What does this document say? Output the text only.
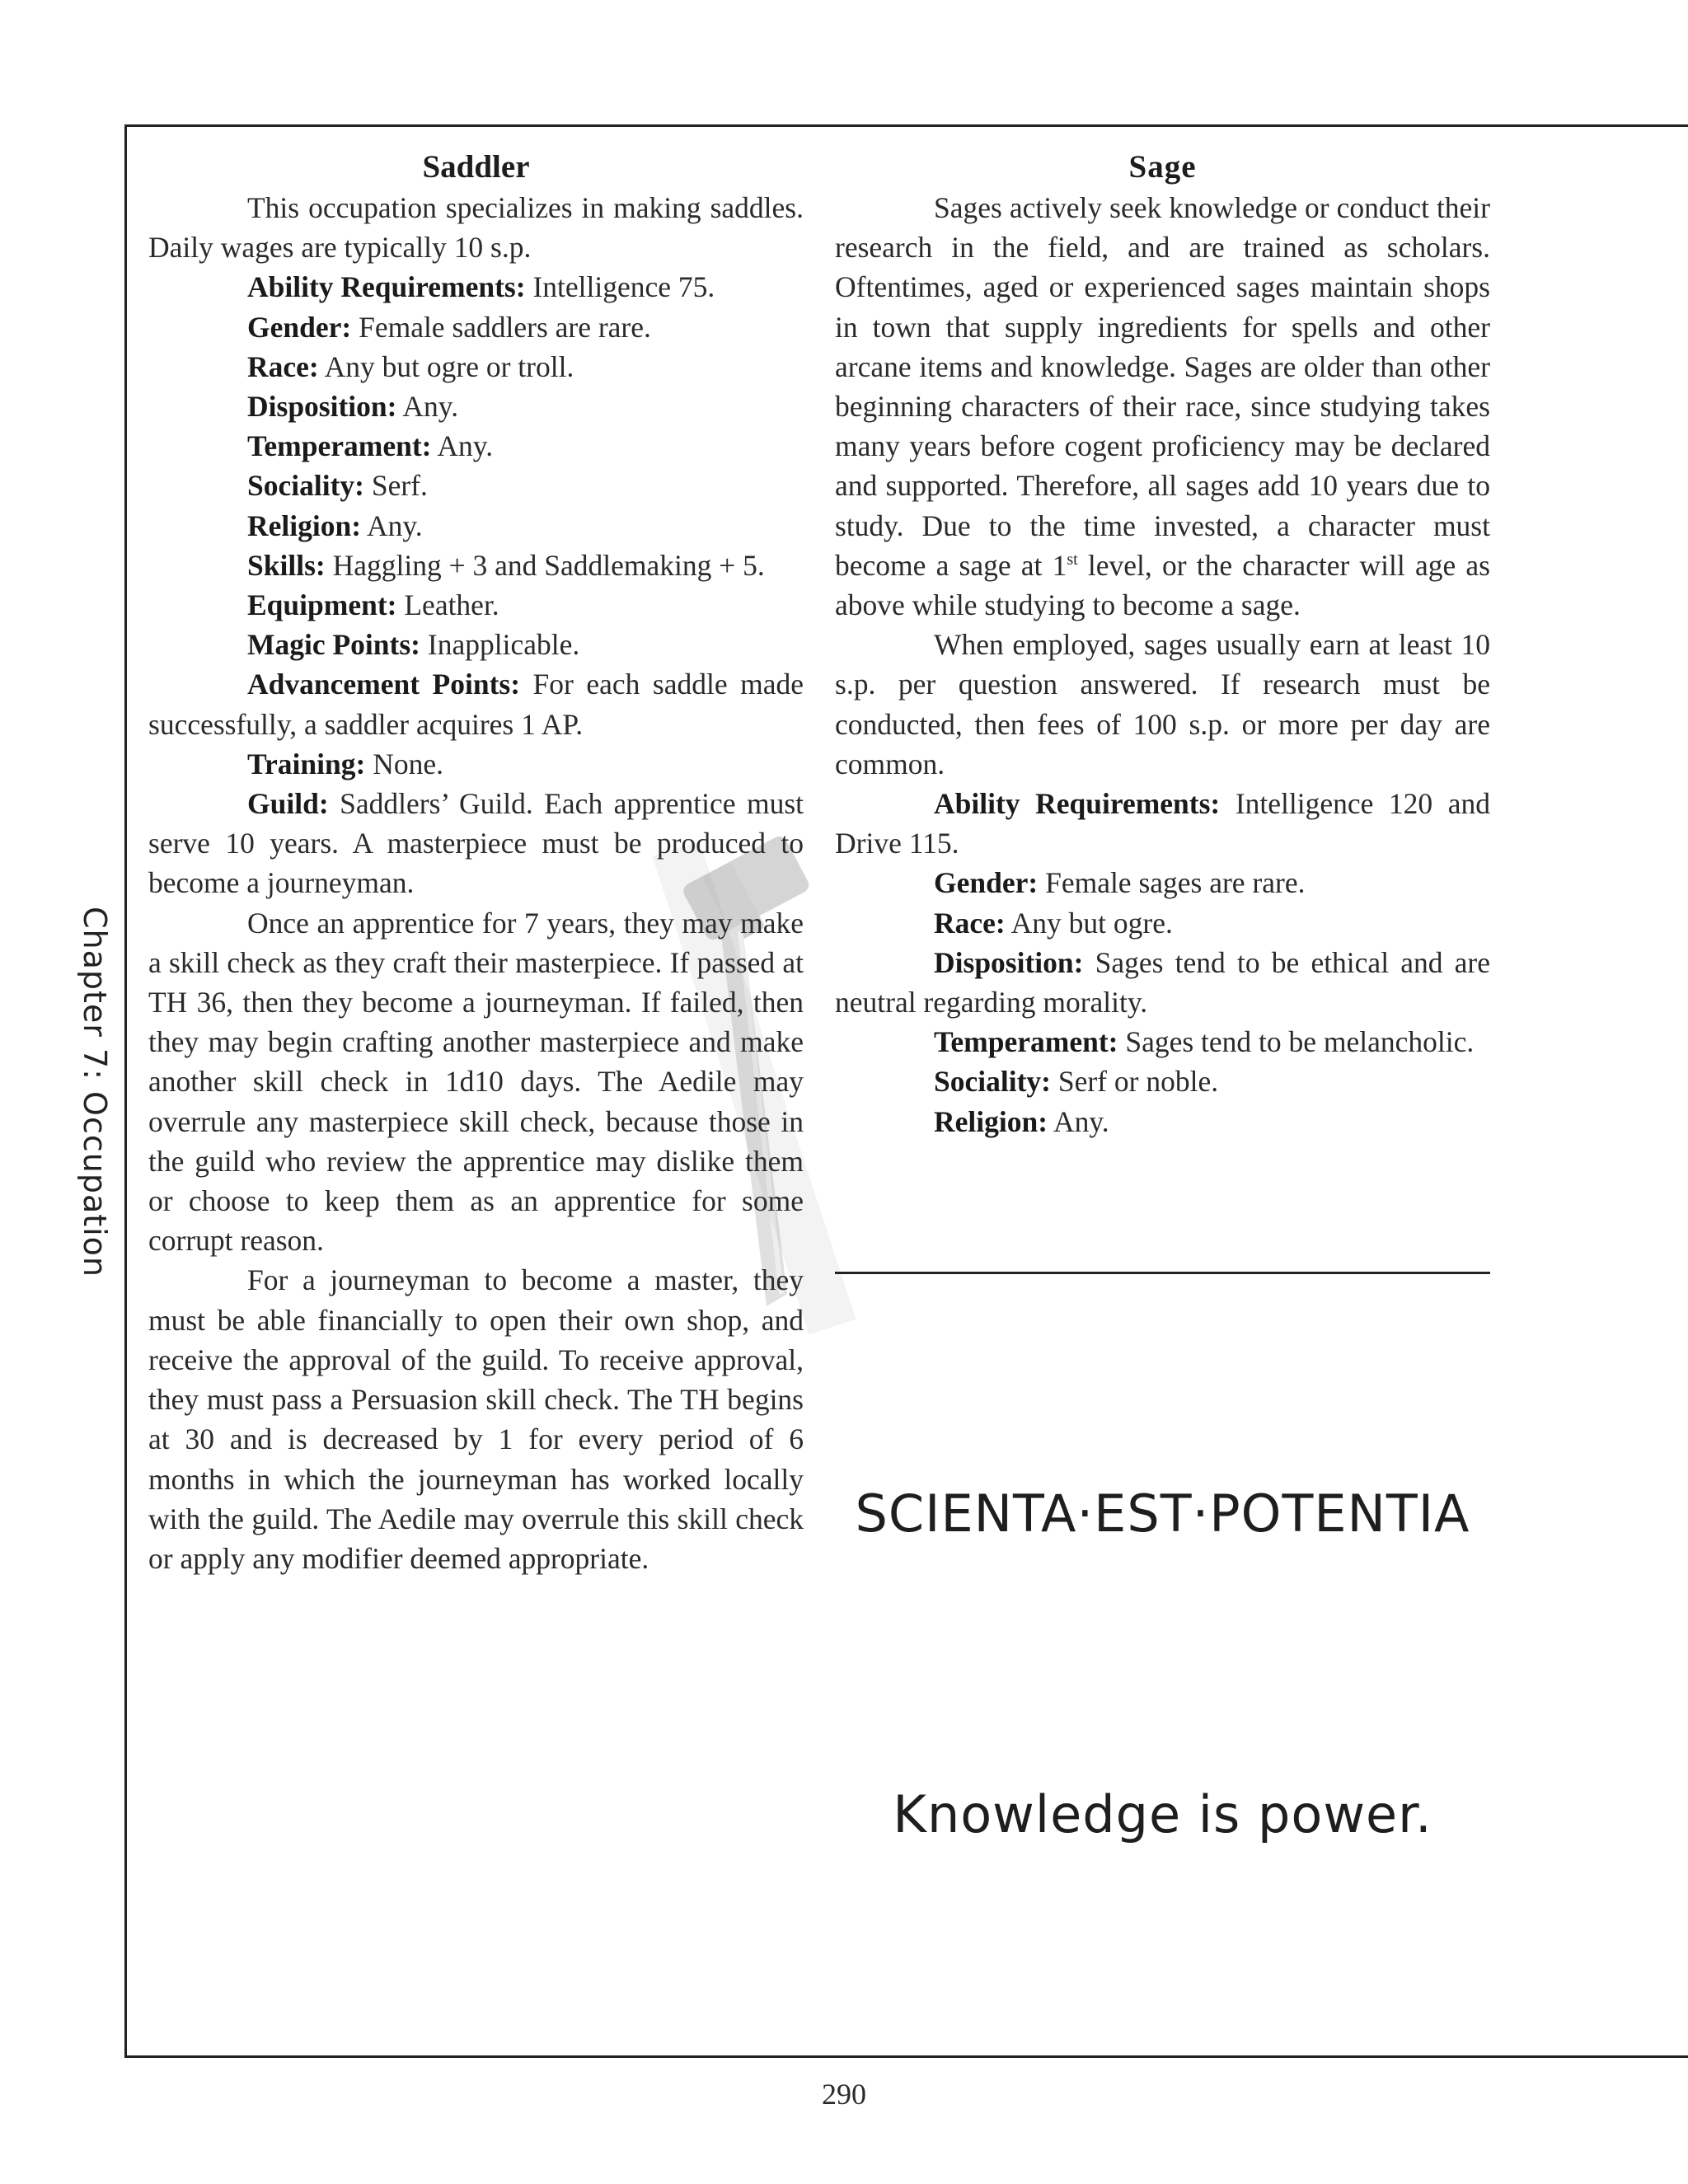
Chapter 7: Occupation
Saddler

This occupation specializes in making saddles. Daily wages are typically 10 s.p.

Ability Requirements: Intelligence 75.

Gender: Female saddlers are rare.

Race: Any but ogre or troll.

Disposition: Any.

Temperament: Any.

Sociality: Serf.

Religion: Any.

Skills: Haggling + 3 and Saddlemaking + 5.

Equipment: Leather.

Magic Points: Inapplicable.

Advancement Points: For each saddle made successfully, a saddler acquires 1 AP.

Training: None.

Guild: Saddlers’ Guild. Each apprentice must serve 10 years. A masterpiece must be produced to become a journeyman.

Once an apprentice for 7 years, they may make a skill check as they craft their masterpiece. If passed at TH 36, then they become a journeyman. If failed, then they may begin crafting another masterpiece and make another skill check in 1d10 days. The Aedile may overrule any masterpiece skill check, because those in the guild who review the apprentice may dislike them or choose to keep them as an apprentice for some corrupt reason.

For a journeyman to become a master, they must be able financially to open their own shop, and receive the approval of the guild. To receive approval, they must pass a Persuasion skill check. The TH begins at 30 and is decreased by 1 for every period of 6 months in which the journeyman has worked locally with the guild. The Aedile may overrule this skill check or apply any modifier deemed appropriate.

Sage

Sages actively seek knowledge or conduct their research in the field, and are trained as scholars. Oftentimes, aged or experienced sages maintain shops in town that supply ingredients for spells and other arcane items and knowledge. Sages are older than other beginning characters of their race, since studying takes many years before cogent proficiency may be declared and supported. Therefore, all sages add 10 years due to study. Due to the time invested, a character must become a sage at 1st level, or the character will age as above while studying to become a sage.

When employed, sages usually earn at least 10 s.p. per question answered. If research must be conducted, then fees of 100 s.p. or more per day are common.

Ability Requirements: Intelligence 120 and Drive 115.

Gender: Female sages are rare.

Race: Any but ogre.

Disposition: Sages tend to be ethical and are neutral regarding morality.

Temperament: Sages tend to be melancholic.

Sociality: Serf or noble.

Religion: Any.

SCIENTA·EST·POTENTIA
Knowledge is power.
290
